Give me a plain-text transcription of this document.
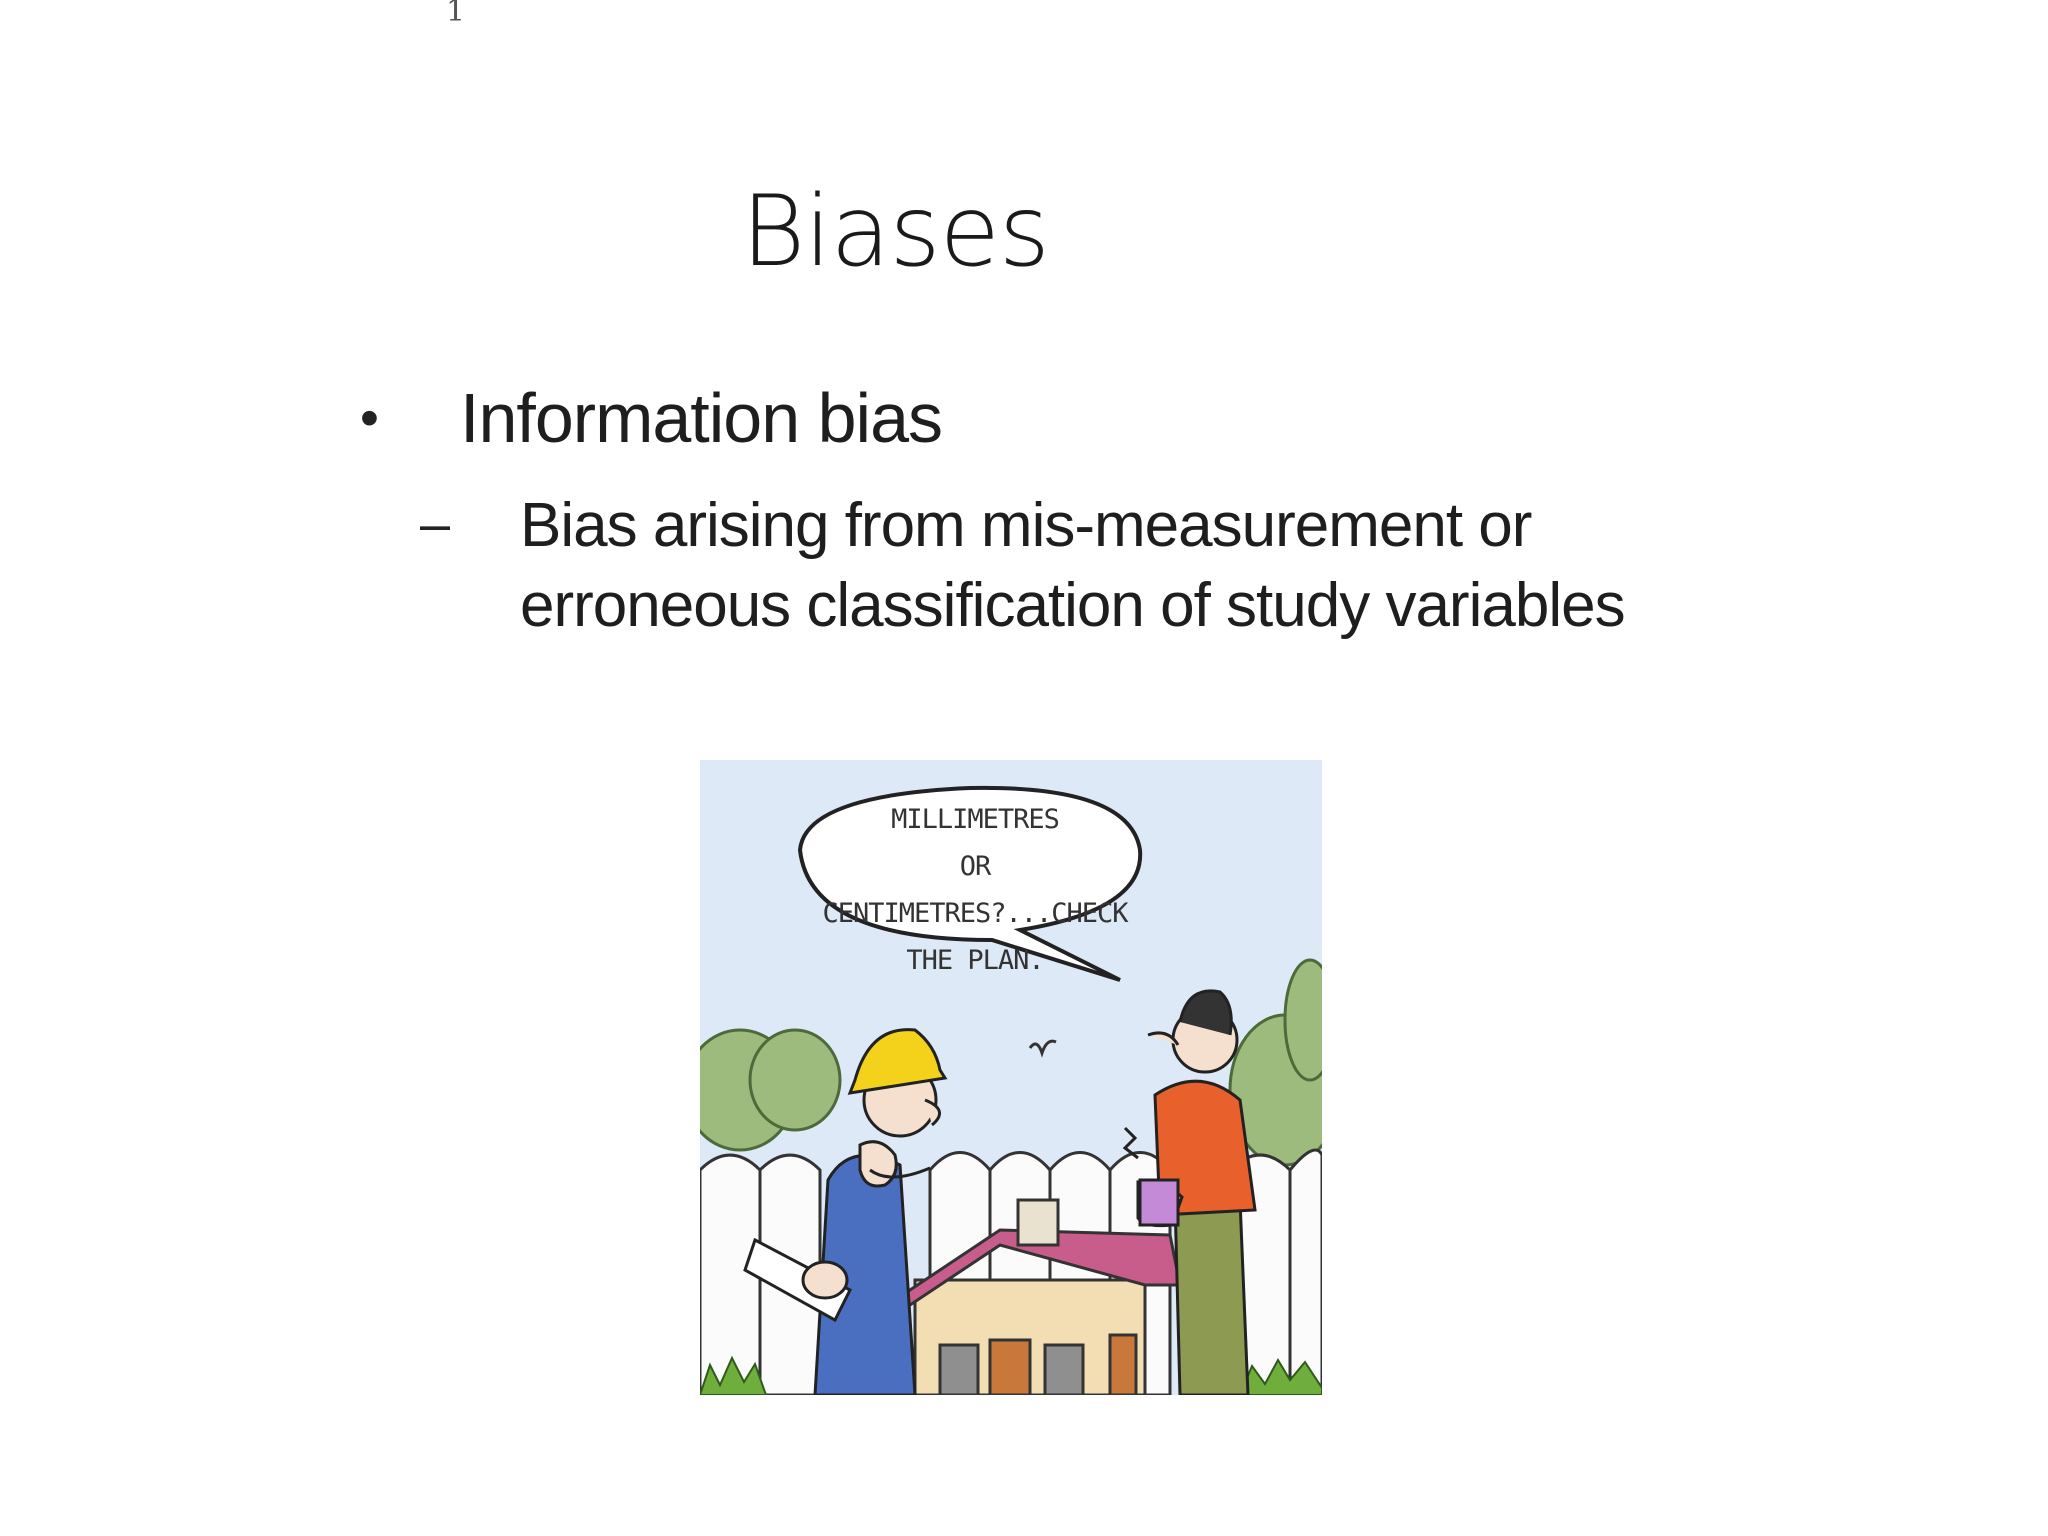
1
Biases
•	Information bias
–	Bias arising from mis-measurement or erroneous classification of study variables
MILLIMETRES
OR CENTIMETRES?...CHECK
THE PLAN.
